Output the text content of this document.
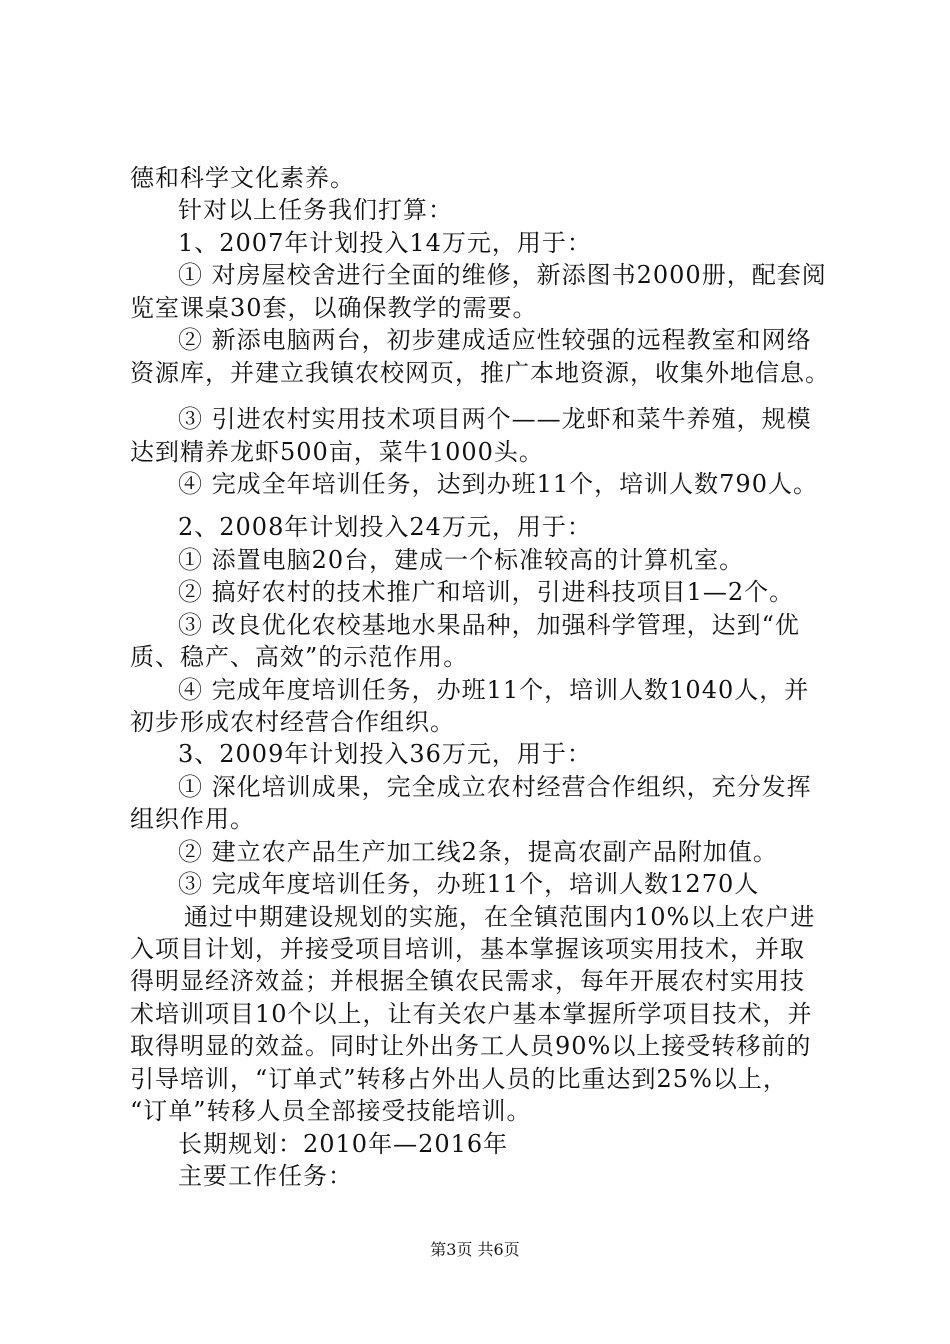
德和科学文化素养。
针对以上任务我们打算：
1、2007年计划投入14万元，用于：
① 对房屋校舍进行全面的维修，新添图书2000册，配套阅
览室课桌30套，以确保教学的需要。
② 新添电脑两台，初步建成适应性较强的远程教室和网络
资源库，并建立我镇农校网页，推广本地资源，收集外地信息。
③ 引进农村实用技术项目两个——龙虾和菜牛养殖，规模
达到精养龙虾500亩，菜牛1000头。
④ 完成全年培训任务，达到办班11个，培训人数790人。
2、2008年计划投入24万元，用于：
① 添置电脑20台，建成一个标准较高的计算机室。
② 搞好农村的技术推广和培训，引进科技项目1—2个。
③ 改良优化农校基地水果品种，加强科学管理，达到“优
质、稳产、高效”的示范作用。
④ 完成年度培训任务，办班11个，培训人数1040人，并
初步形成农村经营合作组织。
3、2009年计划投入36万元，用于：
① 深化培训成果，完全成立农村经营合作组织，充分发挥
组织作用。
② 建立农产品生产加工线2条，提高农副产品附加值。
③ 完成年度培训任务，办班11个，培训人数1270人
通过中期建设规划的实施，在全镇范围内10%以上农户进
入项目计划，并接受项目培训，基本掌握该项实用技术，并取
得明显经济效益；并根据全镇农民需求，每年开展农村实用技
术培训项目10个以上，让有关农户基本掌握所学项目技术，并
取得明显的效益。同时让外出务工人员90%以上接受转移前的
引导培训，“订单式”转移占外出人员的比重达到25%以上，
“订单”转移人员全部接受技能培训。
长期规划：2010年—2016年
主要工作任务：
第3页 共6页
